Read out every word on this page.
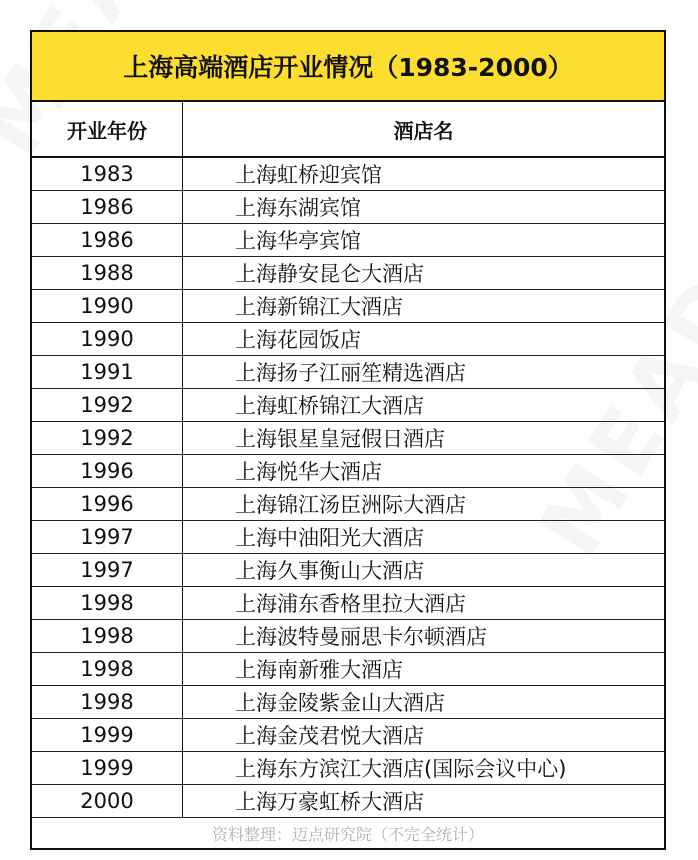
上海高端酒店开业情况（1983-2000）
开业年份	酒店名
1983	上海虹桥迎宾馆
1986	上海东湖宾馆
1986	上海华亭宾馆
1988	上海静安昆仑大酒店
1990	上海新锦江大酒店
1990	上海花园饭店
1991	上海扬子江丽笙精选酒店
1992	上海虹桥锦江大酒店
1992	上海银星皇冠假日酒店
1996	上海悦华大酒店
1996	上海锦江汤臣洲际大酒店
1997	上海中油阳光大酒店
1997	上海久事衡山大酒店
1998	上海浦东香格里拉大酒店
1998	上海波特曼丽思卡尔顿酒店
1998	上海南新雅大酒店
1998	上海金陵紫金山大酒店
1999	上海金茂君悦大酒店
1999	上海东方滨江大酒店(国际会议中心)
2000	上海万豪虹桥大酒店
资料整理：迈点研究院（不完全统计）
